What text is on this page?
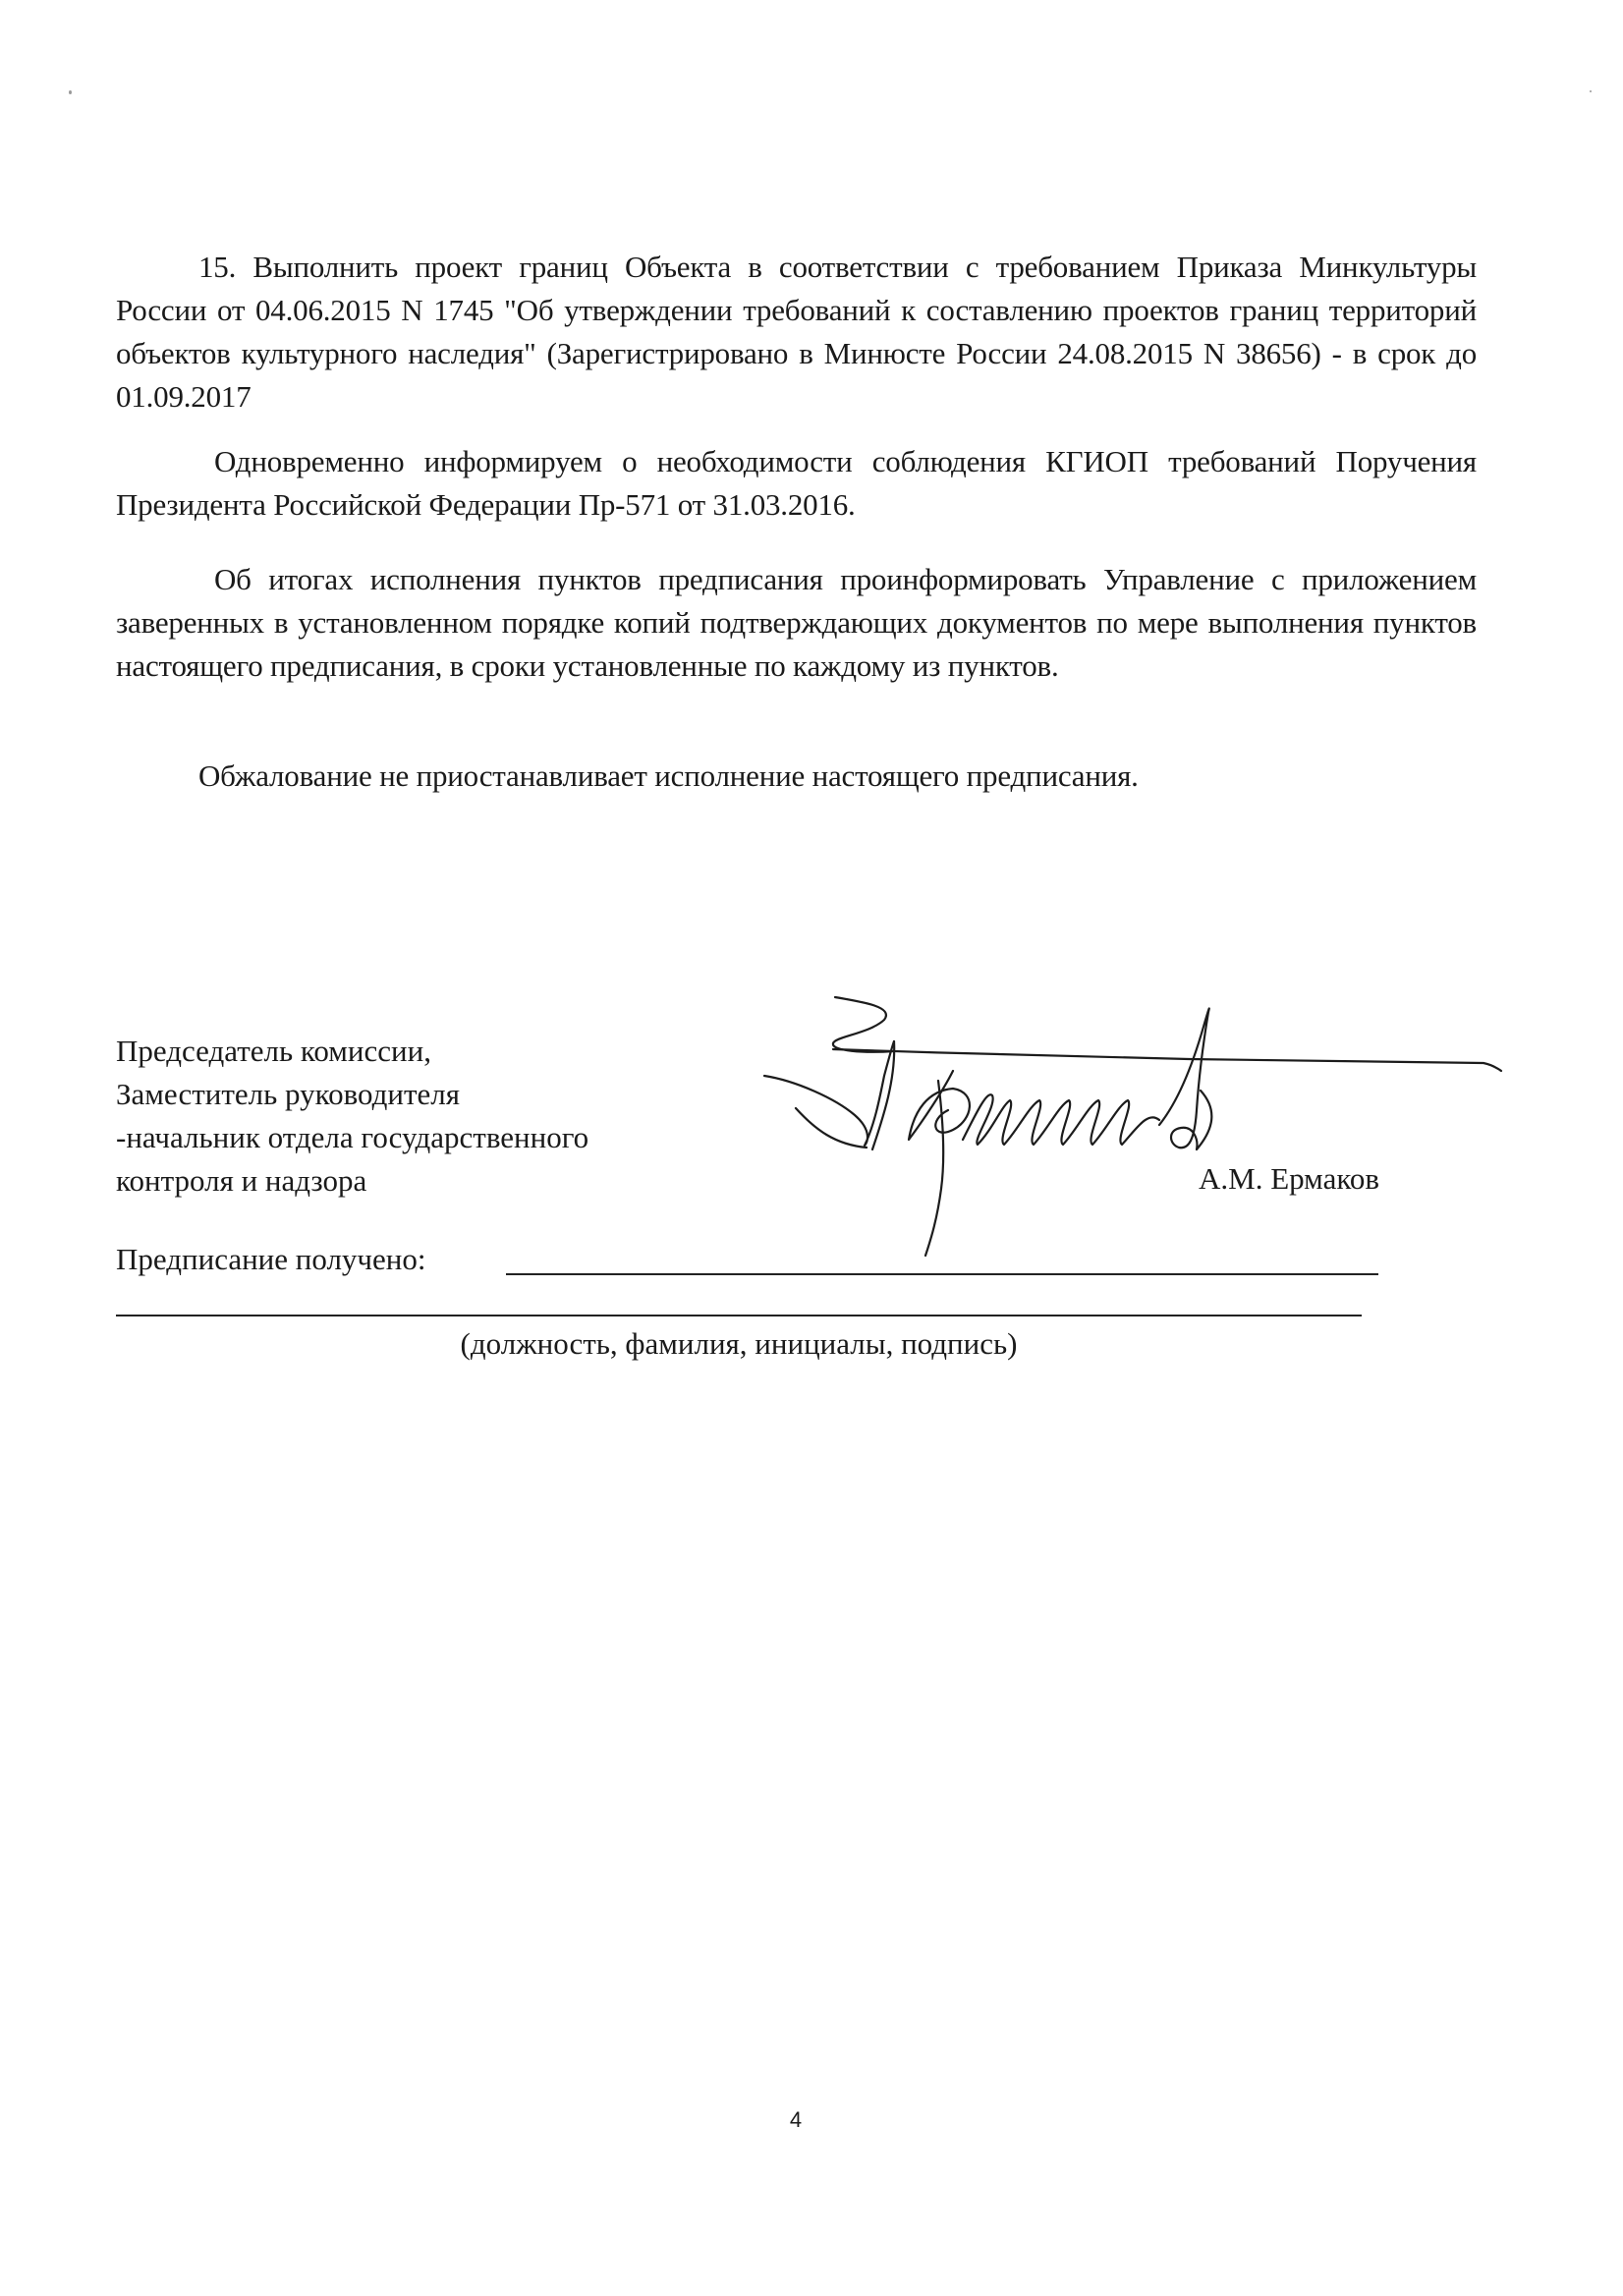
15. Выполнить проект границ Объекта в соответствии с требованием Приказа Минкультуры России от 04.06.2015 N 1745 "Об утверждении требований к составлению проектов границ территорий объектов культурного наследия" (Зарегистрировано в Минюсте России 24.08.2015 N 38656) - в срок до 01.09.2017

Одновременно информируем о необходимости соблюдения КГИОП требований Поручения Президента Российской Федерации Пр-571 от 31.03.2016.

Об итогах исполнения пунктов предписания проинформировать Управление с приложением заверенных в установленном порядке копий подтверждающих документов по мере выполнения пунктов настоящего предписания, в сроки установленные по каждому из пунктов.

Обжалование не приостанавливает исполнение настоящего предписания.

Председатель комиссии,
Заместитель руководителя
-начальник отдела государственного
контроля и надзора	А.М. Ермаков
Предписание получено:
(должность, фамилия, инициалы, подпись)
4
